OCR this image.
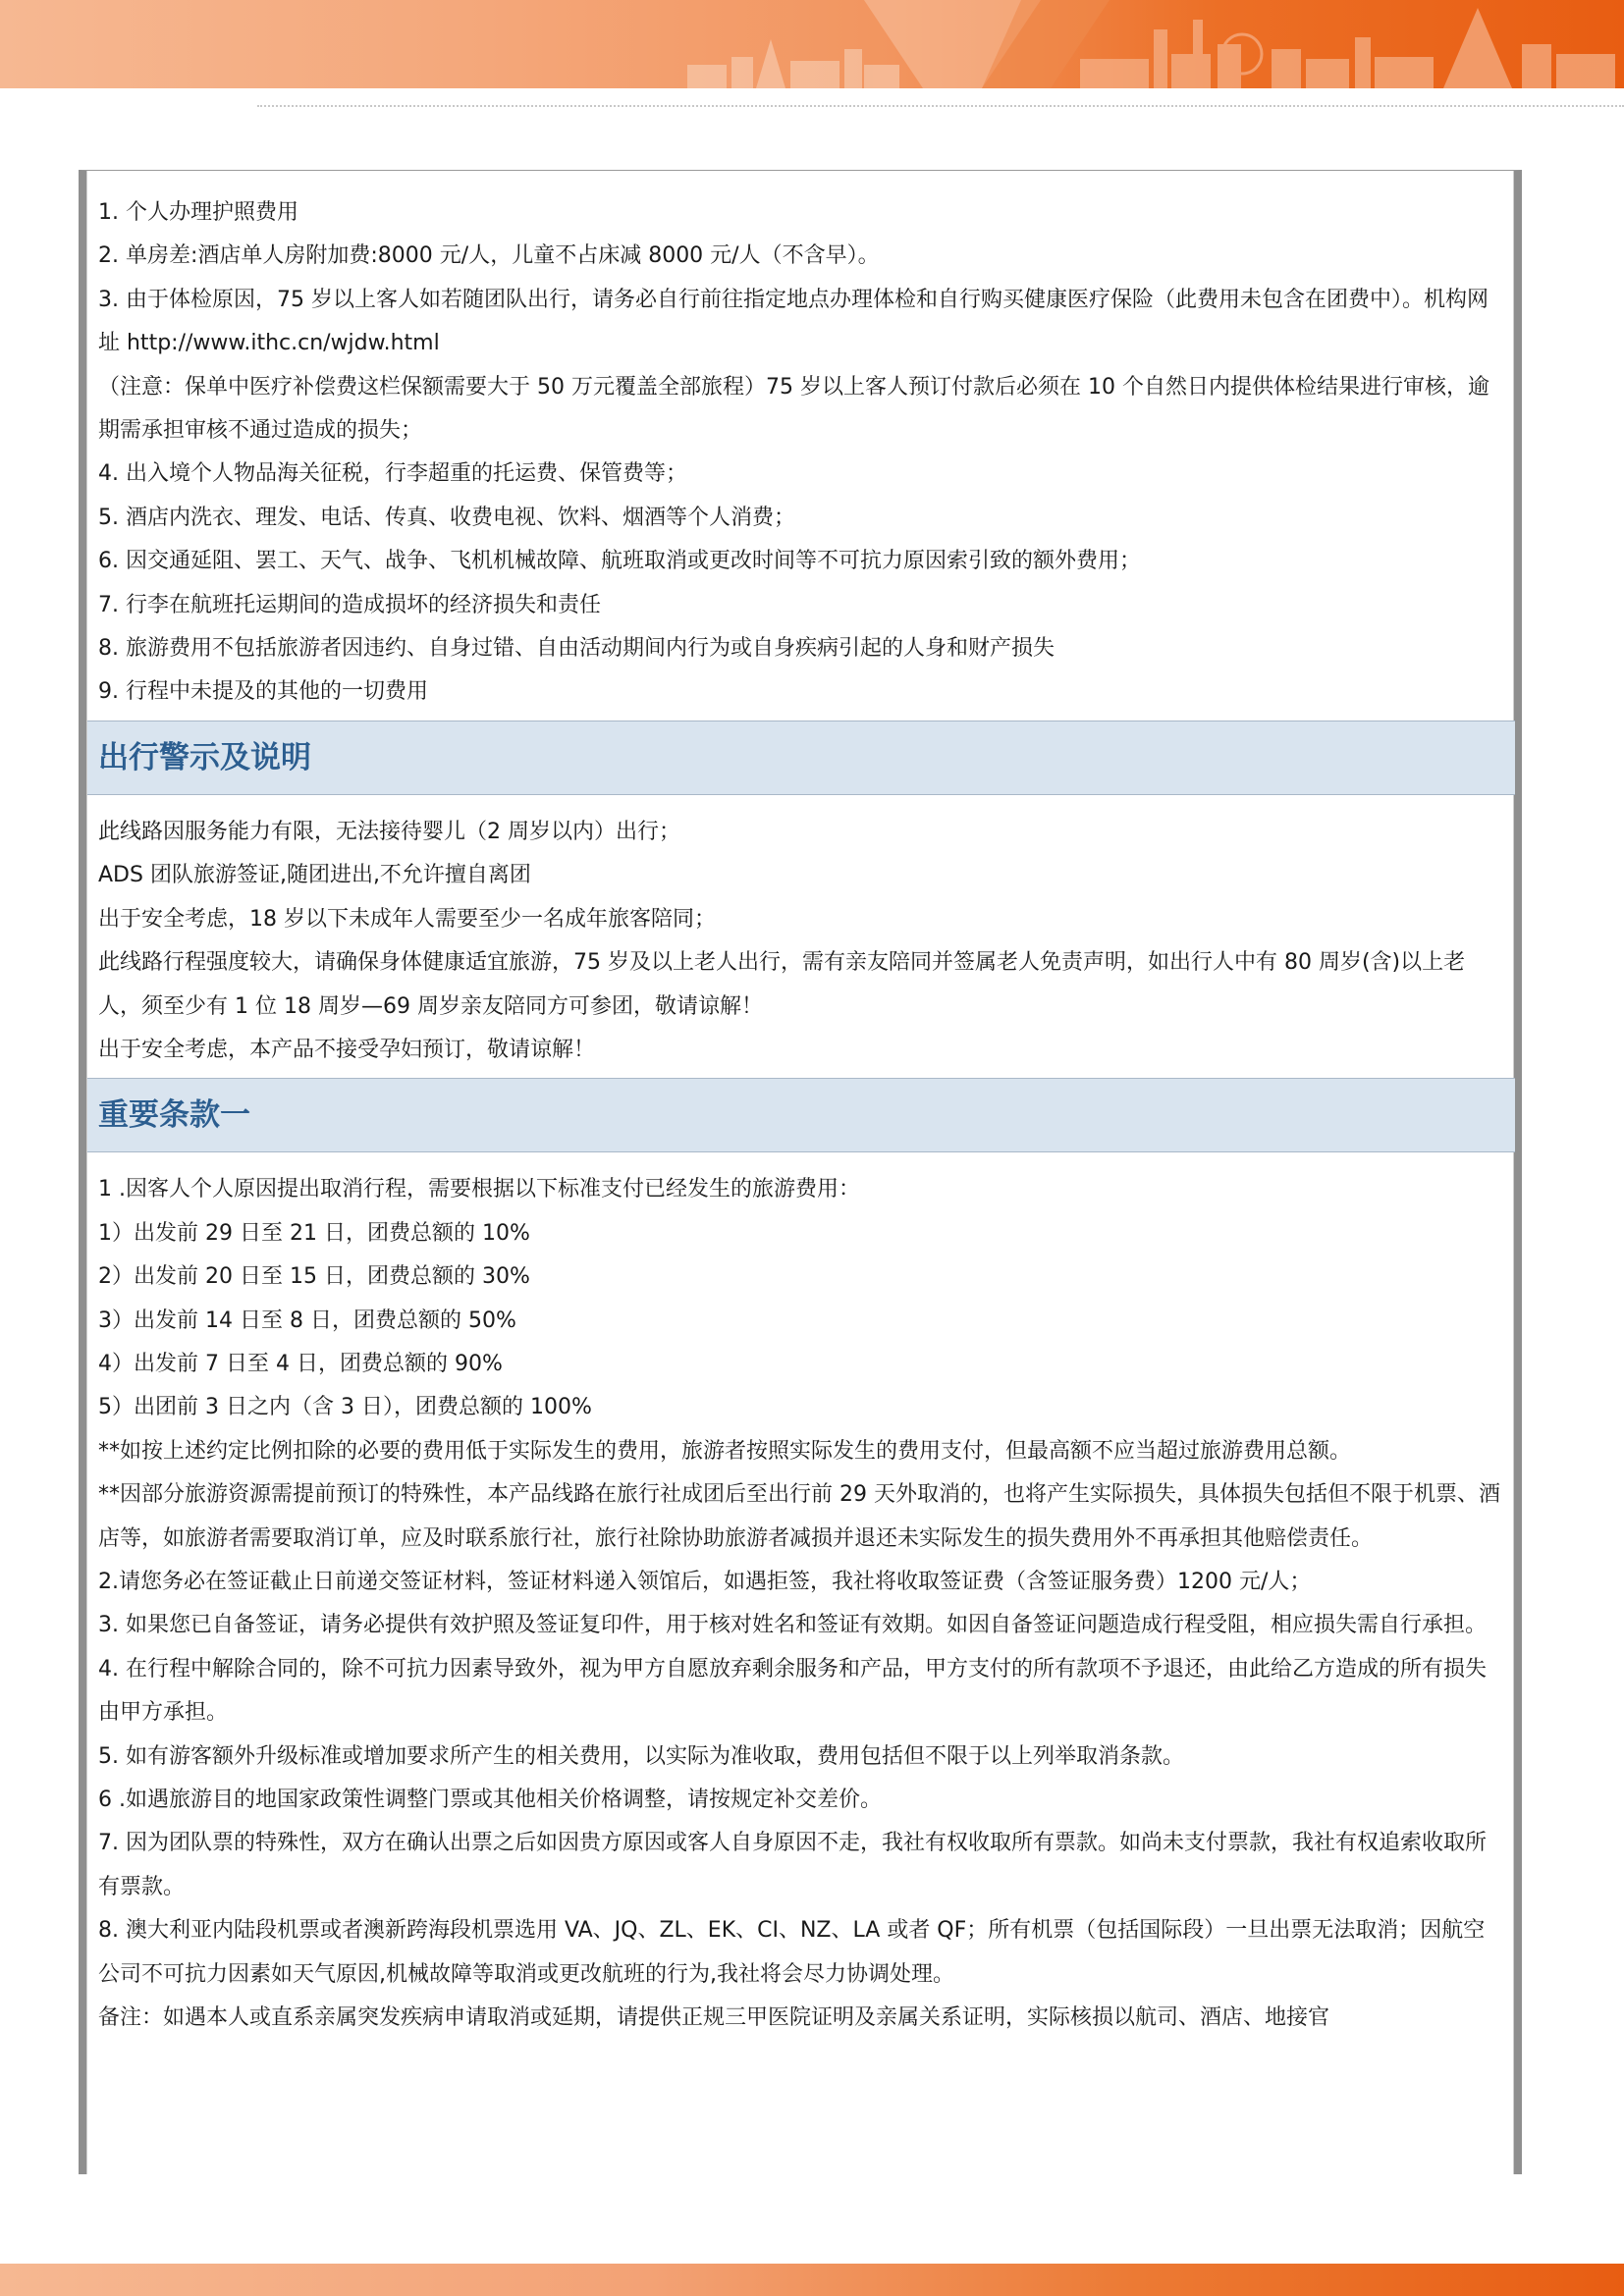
1. 个人办理护照费用

2. 单房差:酒店单人房附加费:8000 元/人，儿童不占床减 8000 元/人（不含早）。

3. 由于体检原因，75 岁以上客人如若随团队出行，请务必自行前往指定地点办理体检和自行购买健康医疗保险（此费用未包含在团费中）。机构网址 http://www.ithc.cn/wjdw.html

（注意：保单中医疗补偿费这栏保额需要大于 50 万元覆盖全部旅程）75 岁以上客人预订付款后必须在 10 个自然日内提供体检结果进行审核，逾期需承担审核不通过造成的损失；

4. 出入境个人物品海关征税，行李超重的托运费、保管费等；

5. 酒店内洗衣、理发、电话、传真、收费电视、饮料、烟酒等个人消费；

6. 因交通延阻、罢工、天气、战争、飞机机械故障、航班取消或更改时间等不可抗力原因索引致的额外费用；

7. 行李在航班托运期间的造成损坏的经济损失和责任

8. 旅游费用不包括旅游者因违约、自身过错、自由活动期间内行为或自身疾病引起的人身和财产损失

9. 行程中未提及的其他的一切费用

出行警示及说明

此线路因服务能力有限，无法接待婴儿（2 周岁以内）出行；

ADS 团队旅游签证,随团进出,不允许擅自离团

出于安全考虑，18 岁以下未成年人需要至少一名成年旅客陪同；

此线路行程强度较大，请确保身体健康适宜旅游，75 岁及以上老人出行，需有亲友陪同并签属老人免责声明，如出行人中有 80 周岁(含)以上老人，须至少有 1 位 18 周岁—69 周岁亲友陪同方可参团，敬请谅解！

出于安全考虑，本产品不接受孕妇预订，敬请谅解！

重要条款一

1 .因客人个人原因提出取消行程，需要根据以下标准支付已经发生的旅游费用：

1）出发前 29 日至 21 日，团费总额的 10%

2）出发前 20 日至 15 日，团费总额的 30%

3）出发前 14 日至 8 日，团费总额的 50%

4）出发前 7 日至 4 日，团费总额的 90%

5）出团前 3 日之内（含 3 日），团费总额的 100%

**如按上述约定比例扣除的必要的费用低于实际发生的费用，旅游者按照实际发生的费用支付，但最高额不应当超过旅游费用总额。

**因部分旅游资源需提前预订的特殊性，本产品线路在旅行社成团后至出行前 29 天外取消的，也将产生实际损失，具体损失包括但不限于机票、酒店等，如旅游者需要取消订单，应及时联系旅行社，旅行社除协助旅游者减损并退还未实际发生的损失费用外不再承担其他赔偿责任。

2.请您务必在签证截止日前递交签证材料，签证材料递入领馆后，如遇拒签，我社将收取签证费（含签证服务费）1200 元/人；

3. 如果您已自备签证，请务必提供有效护照及签证复印件，用于核对姓名和签证有效期。如因自备签证问题造成行程受阻，相应损失需自行承担。

4. 在行程中解除合同的，除不可抗力因素导致外，视为甲方自愿放弃剩余服务和产品，甲方支付的所有款项不予退还，由此给乙方造成的所有损失由甲方承担。

5. 如有游客额外升级标准或增加要求所产生的相关费用，以实际为准收取，费用包括但不限于以上列举取消条款。

6 .如遇旅游目的地国家政策性调整门票或其他相关价格调整，请按规定补交差价。

7. 因为团队票的特殊性，双方在确认出票之后如因贵方原因或客人自身原因不走，我社有权收取所有票款。如尚未支付票款，我社有权追索收取所有票款。

8. 澳大利亚内陆段机票或者澳新跨海段机票选用 VA、JQ、ZL、EK、CI、NZ、LA 或者 QF；所有机票（包括国际段）一旦出票无法取消；因航空公司不可抗力因素如天气原因,机械故障等取消或更改航班的行为,我社将会尽力协调处理。

备注：如遇本人或直系亲属突发疾病申请取消或延期，请提供正规三甲医院证明及亲属关系证明，实际核损以航司、酒店、地接官
